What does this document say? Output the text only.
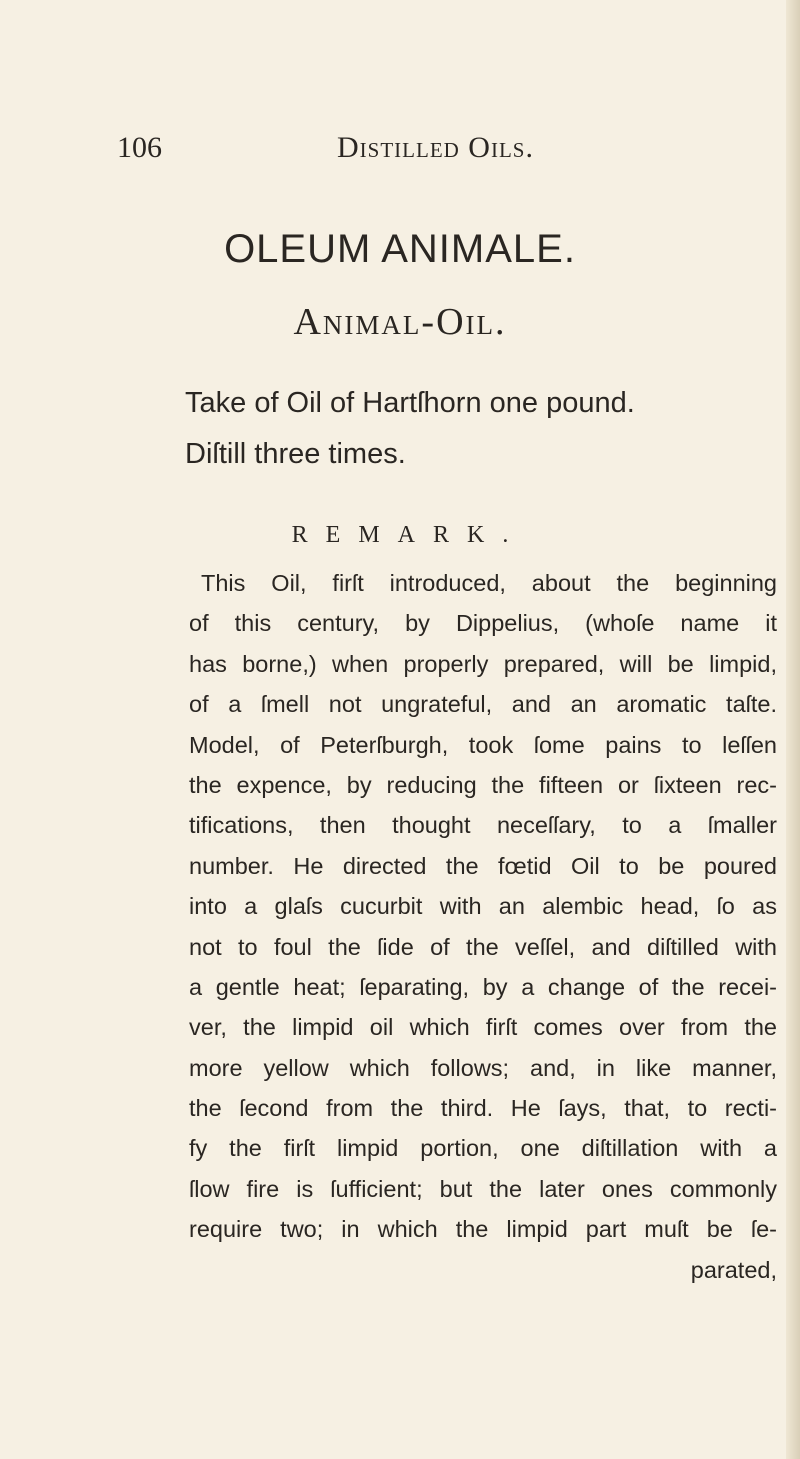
106	Distilled Oils.
OLEUM ANIMALE.
Animal-Oil.
Take of Oil of Hartſhorn one pound.
Diſtill three times.
REMARK.
This Oil, firſt introduced, about the beginning
of this century, by Dippelius, (whoſe name it
has borne,) when properly prepared, will be limpid,
of a ſmell not ungrateful, and an aromatic taſte.
Model, of Peterſburgh, took ſome pains to leſſen
the expence, by reducing the fifteen or ſixteen rec-
tifications, then thought neceſſary, to a ſmaller
number. He directed the fœtid Oil to be poured
into a glaſs cucurbit with an alembic head, ſo as
not to foul the ſide of the veſſel, and diſtilled with
a gentle heat; ſeparating, by a change of the recei-
ver, the limpid oil which firſt comes over from the
more yellow which follows; and, in like manner,
the ſecond from the third. He ſays, that, to recti-
fy the firſt limpid portion, one diſtillation with a
ſlow fire is ſufficient; but the later ones commonly
require two; in which the limpid part muſt be ſe-
parated,
